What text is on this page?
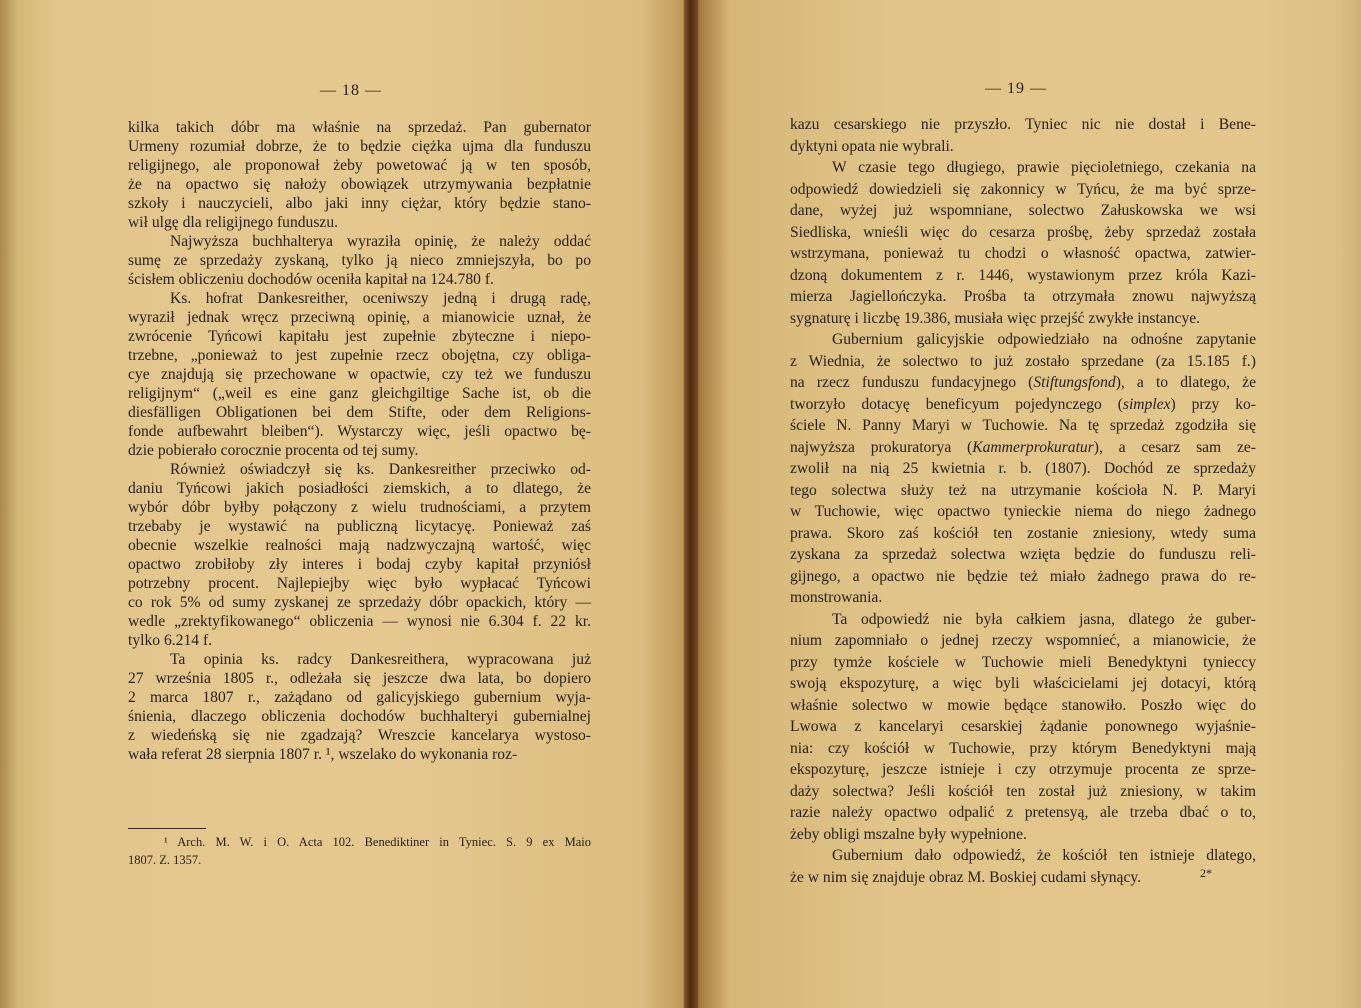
— 18 —	— 19 —
kilka takich dóbr ma właśnie na sprzedaż. Pan gubernator
Urmeny rozumiał dobrze, że to będzie ciężka ujma dla funduszu
religijnego, ale proponował żeby powetować ją w ten sposób,
że na opactwo się nałoży obowiązek utrzymywania bezpłatnie
szkoły i nauczycieli, albo jaki inny ciężar, który będzie stano-
wił ulgę dla religijnego funduszu.
Najwyższa buchhalterya wyraziła opinię, że należy oddać
sumę ze sprzedaży zyskaną, tylko ją nieco zmniejszyła, bo po
ścisłem obliczeniu dochodów oceniła kapitał na 124.780 f.
Ks. hofrat Dankesreither, oceniwszy jedną i drugą radę,
wyraził jednak wręcz przeciwną opinię, a mianowicie uznał, że
zwrócenie Tyńcowi kapitału jest zupełnie zbyteczne i niepo-
trzebne, „ponieważ to jest zupełnie rzecz obojętna, czy obliga-
cye znajdują się przechowane w opactwie, czy też we funduszu
religijnym“ („weil es eine ganz gleichgiltige Sache ist, ob die
diesfälligen Obligationen bei dem Stifte, oder dem Religions-
fonde aufbewahrt bleiben“). Wystarczy więc, jeśli opactwo bę-
dzie pobierało corocznie procenta od tej sumy.
Również oświadczył się ks. Dankesreither przeciwko od-
daniu Tyńcowi jakich posiadłości ziemskich, a to dlatego, że
wybór dóbr byłby połączony z wielu trudnościami, a przytem
trzebaby je wystawić na publiczną licytacyę. Ponieważ zaś
obecnie wszelkie realności mają nadzwyczajną wartość, więc
opactwo zrobiłoby zły interes i bodaj czyby kapitał przyniósł
potrzebny procent. Najlepiejby więc było wypłacać Tyńcowi
co rok 5% od sumy zyskanej ze sprzedaży dóbr opackich, który —
wedle „zrektyfikowanego“ obliczenia — wynosi nie 6.304 f. 22 kr.
tylko 6.214 f.
Ta opinia ks. radcy Dankesreithera, wypracowana już
27 września 1805 r., odleżała się jeszcze dwa lata, bo dopiero
2 marca 1807 r., zażądano od galicyjskiego gubernium wyja-
śnienia, dlaczego obliczenia dochodów buchhalteryi gubernialnej
z wiedeńską się nie zgadzają? Wreszcie kancelarya wystoso-
wała referat 28 sierpnia 1807 r. ¹, wszelako do wykonania roz-
¹ Arch. M. W. i O. Acta 102. Benediktiner in Tyniec. S. 9 ex Maio
1807. Z. 1357.
kazu cesarskiego nie przyszło. Tyniec nic nie dostał i Bene-
dyktyni opata nie wybrali.
W czasie tego długiego, prawie pięcioletniego, czekania na
odpowiedź dowiedzieli się zakonnicy w Tyńcu, że ma być sprze-
dane, wyżej już wspomniane, solectwo Załuskowska we wsi
Siedliska, wnieśli więc do cesarza prośbę, żeby sprzedaż została
wstrzymana, ponieważ tu chodzi o własność opactwa, zatwier-
dzoną dokumentem z r. 1446, wystawionym przez króla Kazi-
mierza Jagiellończyka. Prośba ta otrzymała znowu najwyższą
sygnaturę i liczbę 19.386, musiała więc przejść zwykłe instancye.
Gubernium galicyjskie odpowiedziało na odnośne zapytanie
z Wiednia, że solectwo to już zostało sprzedane (za 15.185 f.)
na rzecz funduszu fundacyjnego (Stiftungsfond), a to dlatego, że
tworzyło dotacyę beneficyum pojedynczego (simplex) przy ko-
ściele N. Panny Maryi w Tuchowie. Na tę sprzedaż zgodziła się
najwyższa prokuratorya (Kammerprokuratur), a cesarz sam ze-
zwolił na nią 25 kwietnia r. b. (1807). Dochód ze sprzedaży
tego solectwa służy też na utrzymanie kościoła N. P. Maryi
w Tuchowie, więc opactwo tynieckie niema do niego żadnego
prawa. Skoro zaś kościół ten zostanie zniesiony, wtedy suma
zyskana za sprzedaż solectwa wzięta będzie do funduszu reli-
gijnego, a opactwo nie będzie też miało żadnego prawa do re-
monstrowania.
Ta odpowiedź nie była całkiem jasna, dlatego że guber-
nium zapomniało o jednej rzeczy wspomnieć, a mianowicie, że
przy tymże kościele w Tuchowie mieli Benedyktyni tynieccy
swoją ekspozyturę, a więc byli właścicielami jej dotacyi, którą
właśnie solectwo w mowie będące stanowiło. Poszło więc do
Lwowa z kancelaryi cesarskiej żądanie ponownego wyjaśnie-
nia: czy kościół w Tuchowie, przy którym Benedyktyni mają
ekspozyturę, jeszcze istnieje i czy otrzymuje procenta ze sprze-
daży solectwa? Jeśli kościół ten został już zniesiony, w takim
razie należy opactwo odpalić z pretensyą, ale trzeba dbać o to,
żeby obligi mszalne były wypełnione.
Gubernium dało odpowiedź, że kościół ten istnieje dlatego,
że w nim się znajduje obraz M. Boskiej cudami słynący.	2*
